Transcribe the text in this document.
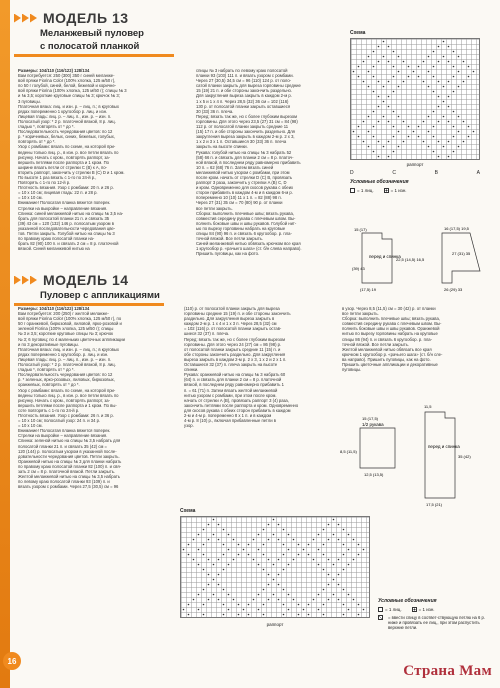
МОДЕЛЬ 13
Меланжевый пуловер
с полосатой планкой
Размеры: 104/110 (116/122) 128/134
Вам потребуется: 250 (300) 350 г синей меланже-
вой пряжи Fiorina Color (100% хлопка, 125 м/50 г),
по 50 г голубой, синей, белой, бежевой и коричне-
вой пряжи Fiorina (100% хлопка, 125 м/50 г); спицы № 3
и № 3,5; короткие круговые спицы № 3; крючок № 3;
3 пуговицы.
Платочная вязка: лиц. и изн. р. – лиц. п.; в круговых
рядах попеременно 1 кругообор р. лиц. и изн.
Лицевая гладь: лиц. р. – лиц. п., изн. р. – изн. п.
Полосатый узор: * 2 р. платочной вязкой, 8 р. лиц.
гладью *, повторять от * до *.
Последовательность чередования цветов: по 12
р. * коричневых, белых, синих, бежевых, голубых,
повторять от * до *.
Узор с ромбами: вязать по схеме, на которой при-
ведены только лиц. р., в изн. р. все петли вязать по
рисунку. Начать с кром., повторять раппорт, за-
вершить петлями после раппорта и 1 кром. По
ширине вязать петли от стрелки С (В) к А, по-
вторить раппорт, закончить у стрелки В (С) D и 1 кром.
По высоте 1 раз вязать с 1-го по 24-й р.,
Повторять с 1-го по 12-й р.
Плотность вязания. Узор с ромбами: 20 п. и 26 р.
= 10 х 10 см; лицевая гладь: 22 п. и 28 р.
= 10 х 10 см.
Внимание! Полосатая планка вяжется поперек.
Стрелки на выкройке – направление вязания.
Спинка: синей меланжевой нитью на спицы № 3,5 на-
брать для полосатой планки 21 п. и связать 35
(39) 43 см = 120 (132) 146 р. полосатым узором в
указанной последовательности чередования цве-
тов. Петли закрыть. Голубой нитью на спицы № 3
по правому краю полосатой планки на-
брать 82 (90) 100 п. и связать 2 см = 8 р. платочной
вязкой. Синей меланжевой нитью на
спицы № 3 набрать по левому краю полосатой
планки 93 (103) 111 п. и вязать узором с ромбами.
Через 27 (30,5) 34,5 см = 96 (110) 124 р. от поло-
сатой планки закрыть для выреза горловины средние
15 (19) 21 п. и обе стороны закончить раздельно.
Для закругления выреза закрыть в каждом 2-м р.
1 х 5 и 1 х 4 п. Через 28,5 (32) 36 см = 102 (116)
130 р. от полосатой планки закрыть оставшиеся
30 (33) 36 п. плеча.
Перед: вязать так же, но с более глубоким вырезом
горловины. Для этого через 23,5 (27) 31 см = 84 (98)
112 р. от полосатой планки закрыть средние 11
(15) 17 п. и обе стороны закончить раздельно. Для
закругления выреза закрыть в каждом 2-м р. 2 х 3,
1 х 2 и 3 х 1 п. Оставшиеся 30 (33) 36 п. плеча
закрыть на высоте спинки.
Рукава: голубой нитью на спицы № 3 набрать 52
(58) 66 п. и связать для планки 2 см = 8 р. платоч-
ной вязкой, в последнем ряду равномерно прибавить
10 п. = 62 (68) 76 п. Затем вязать синей
меланжевой нитью узором с ромбами, при этом
после кром. начать от стрелки D (C) B, провязать
раппорт 3 раза, закончить у стрелки A (B) C, D
и кром. Одновременно для скосов рукава с обеих
сторон прибавить в каждом 4-м и в каждом 6-м р.
попеременно 10 (10) 11 х 1 п. = 82 (88) 98 п.
Через 27 (31) 35 см = 70 (80) 90 р. от планки
все петли закрыть.
Сборка: выполнить плечевые швы; вязать рукава,
совместив середину рукава с плечевым швом. Вы-
полнить боковые швы и швы рукавов. Голубой нит-
ью по вырезу горловины набрать на круговые
спицы 84 (90) 96 п. и связать 6 кругообор. р. пла-
точной вязкой. Все петли закрыть.
Синей меланжевой нитью обвязать крючком все края
1 кругообор р. «рачьего шага» (ст. б/н слева направо).
Пришить пуговицы, как на фото.
Схема
D	C	B	A
раппорт
Условные обозначения
= 1 лиц.	= 1 изн.
перед и спинка
15 (17)
(17,5) 19
(39) 43
22,5 (14,5) 16,5
16 (17,5) 19,5
27 (31) 35
26 (29) 33
МОДЕЛЬ 14
Пуловер с аппликациями
Размеры: 104/110 (116/122) 128/134
Вам потребуется: 200 (250) г желтой меланже-
вой пряжи Fiorina Color (100% хлопка, 125 м/50 г), по
50 г оранжевой, бирюзовой, лиловой, ярко-розовой и
зеленой Fiorina (100% хлопка, 125 м/50 г); спицы
№ 3 и 3,5; короткие круговые спицы № 3; крючок
№ 3; 6 пуговиц; по 4 маленьких цветочных аппликации
и по 3 декоративные пуговицы.
Платочная вязка: лиц. и изн. р. – лиц. п.; в круговых
рядах попеременно 1 кругообор. р. лиц. и изн.
Лицевая гладь: лиц. р. – лиц. п., изн. р. – изн. п.
Полосатый узор: * 2 р. платочной вязкой, 8 р. лиц.
гладью *, повторять от * до *.
Последовательность чередования цветов: по 12
р. * зеленых, ярко-розовых, лиловых, бирюзовых,
оранжевых, повторять от * до *.
Узор с ромбами: вязать по схеме, на которой при-
ведены только лиц. р., в изн. р. все петли вязать по
рисунку. Начать с кром., повторять раппорт, за-
вершить петлями после раппорта и 1 кром. По вы-
соте повторять с 1-го по 24-й р.
Плотность вязания. Узор с ромбами: 26 п. и 36 р.
= 10 х 10 см; полосатый узор: 24 п. и 34 р.
= 10 х 10 см.
Внимание! Полосатая планка вяжется поперек.
Стрелки на выкройке – направление вязания.
Спинка: зеленой нитью на спицы № 3,5 набрать для
полосатой планки 21 п. и связать 35 (42) см =
120 (144) р. полосатым узором в указанной после-
довательности чередования цветов. Петли закрыть.
Оранжевой нитью на спицы № 3 для планки набрать
по правому краю полосатой планки 82 (100) п. и свя-
зать 2 см = 8 р. платочной вязкой. Петли закрыть.
Желтой меланжевой нитью на спицы № 3,5 набрать
по левому краю полосатой планки 93 (109) п. и
вязать узором с ромбами. Через 27,5 (30,5) см = 96
(110) р. от полосатой планки закрыть для выреза
горловины средние 15 (19) п. и обе стороны закончить
раздельно. Для закругления выреза закрыть в
каждом 2-м р. 1 х 4 и 1 х 3 п. Через 28,5 (32) см
= 102 (116) р. от полосатой планки закрыть остав-
шиеся 32 (37) п. плеча.
Перед: вязать так же, но с более глубоким вырезом
горловины. Для этого через 24 (27) см = 86 (98) р.
от полосатой планки закрыть средние 11 (15) п. и
обе стороны закончить раздельно. Для закругления
выреза закрыть в каждом 2-м р. 2 х 3, 1 х 2 и 2 х 1 п.
Оставшиеся 32 (37) п. плеча закрыть на высоте
спинки.
Рукава: оранжевой нитью на спицы № 3 набрать 60
(64) п. и связать для планки 2 см = 8 р. платочной
вязкой, в последнем ряду равномерно прибавить 1
п. = 61 (71) п. Затем вязать желтой меланжевой
нитью узором с ромбами, при этом после кром.
начать от стрелки A (B), провязать раппорт 3 (4) раза,
закончить петлями после раппорта и кром. Одновременно
для скосов рукава с обеих сторон прибавить в каждом
2-м и 4-м р. попеременно 8 х 1 п. и в каждом
4-м р. 8 (10) р., включая прибавленные петли в
узор.
в узор. Через 8,5 (11,5) см = 30 (42) р. от планки
все петли закрыть.
Сборка: выполнить плечевые швы; вязать рукава,
совместив середину рукава с плечевым швом. Вы-
полнить боковые швы и швы рукавов. Оранжевой
нитью по вырезу горловины набрать на круговые
спицы 86 (94) п. и связать 6 кругообор. р. пла-
точной вязкой. Все петли закрыть.
Желтой меланжевой нитью обвязать все края
крючком 1 кругообор р. «рачьего шага» (ст. б/н сле-
ва направо). Пришить пуговицы, как на фото.
Пришить цветочные аппликации и декоративные
пуговицы.
1/2 рукава
15 (17,5)
8,5 (11,5)
12,5 (13,5)
перед и спинка
11,5
35 (42)
17,5 (21)
Схема
раппорт
Условные обозначения
= 1 лиц.	= 1 изн.
= ввести спицу в соответ-ствующую петлю на 6 р. ниже и провязать ее лиц., при этом распустить верхние петли.
16
Страна Мам
